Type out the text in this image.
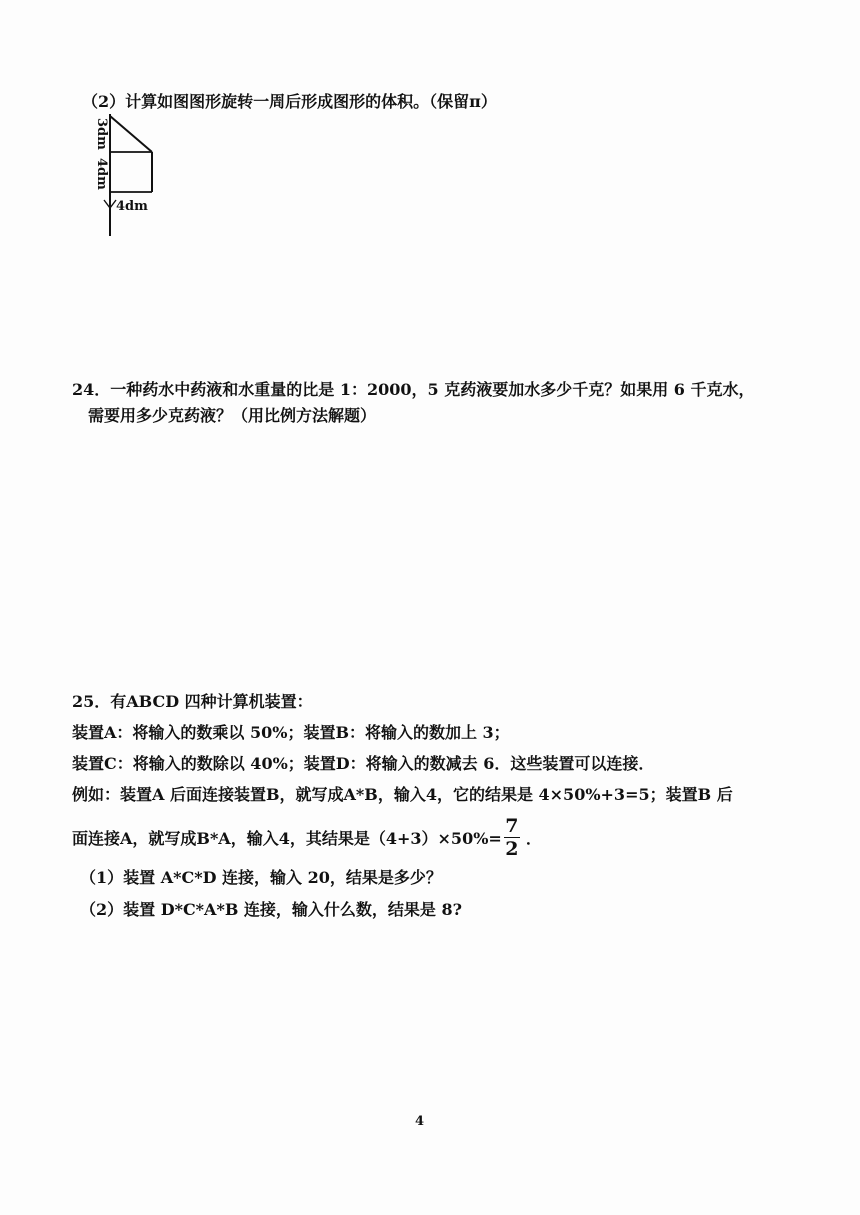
（2）计算如图图形旋转一周后形成图形的体积。（保留π）
3dm
4dm
4dm
24．一种药水中药液和水重量的比是 1：2000，5 克药液要加水多少千克？如果用 6 千克水，
需要用多少克药液？（用比例方法解题）
25．有ABCD 四种计算机装置：
装置A：将输入的数乘以 50%；装置B：将输入的数加上 3；
装置C：将输入的数除以 40%；装置D：将输入的数减去 6．这些装置可以连接．
例如：装置A 后面连接装置B，就写成A*B，输入4，它的结果是 4×50%+3=5；装置B 后
面连接A，就写成B*A，输入4，其结果是$(4+3)\times 50\%= \frac{7}{2}$ ．
（1）装置 A*C*D 连接，输入 20，结果是多少？
（2）装置 D*C*A*B 连接，输入什么数，结果是 8?
4
